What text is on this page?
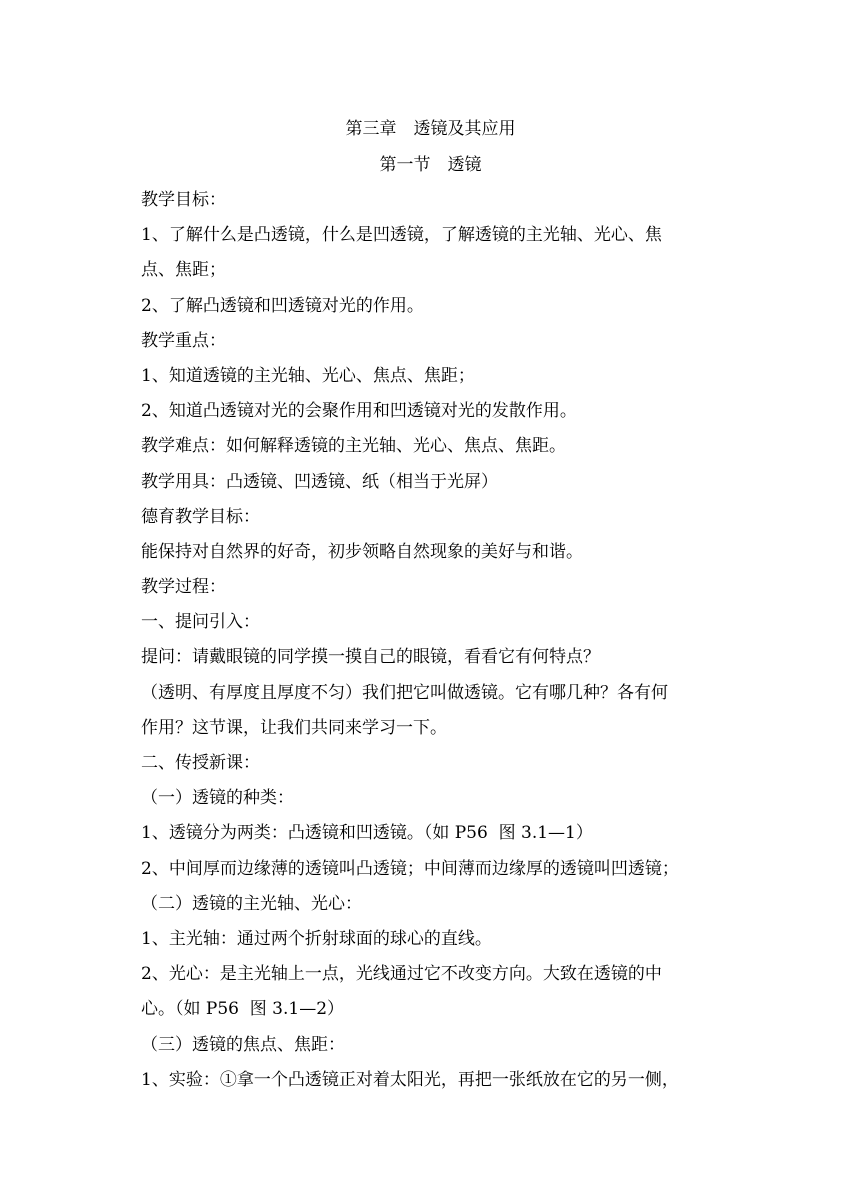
第三章　透镜及其应用
第一节　透镜
教学目标：
1、了解什么是凸透镜，什么是凹透镜，了解透镜的主光轴、光心、焦
点、焦距；
2、了解凸透镜和凹透镜对光的作用。
教学重点：
1、知道透镜的主光轴、光心、焦点、焦距；
2、知道凸透镜对光的会聚作用和凹透镜对光的发散作用。
教学难点：如何解释透镜的主光轴、光心、焦点、焦距。
教学用具：凸透镜、凹透镜、纸（相当于光屏）
德育教学目标：
能保持对自然界的好奇，初步领略自然现象的美好与和谐。
教学过程：
一、提问引入：
提问：请戴眼镜的同学摸一摸自己的眼镜，看看它有何特点？
（透明、有厚度且厚度不匀）我们把它叫做透镜。它有哪几种？各有何
作用？这节课，让我们共同来学习一下。
二、传授新课：
（一）透镜的种类：
1、透镜分为两类：凸透镜和凹透镜。（如 P56  图 3.1—1）
2、中间厚而边缘薄的透镜叫凸透镜；中间薄而边缘厚的透镜叫凹透镜；
（二）透镜的主光轴、光心：
1、主光轴：通过两个折射球面的球心的直线。
2、光心：是主光轴上一点，光线通过它不改变方向。大致在透镜的中
心。（如 P56  图 3.1—2）
（三）透镜的焦点、焦距：
1、实验：①拿一个凸透镜正对着太阳光，再把一张纸放在它的另一侧，
